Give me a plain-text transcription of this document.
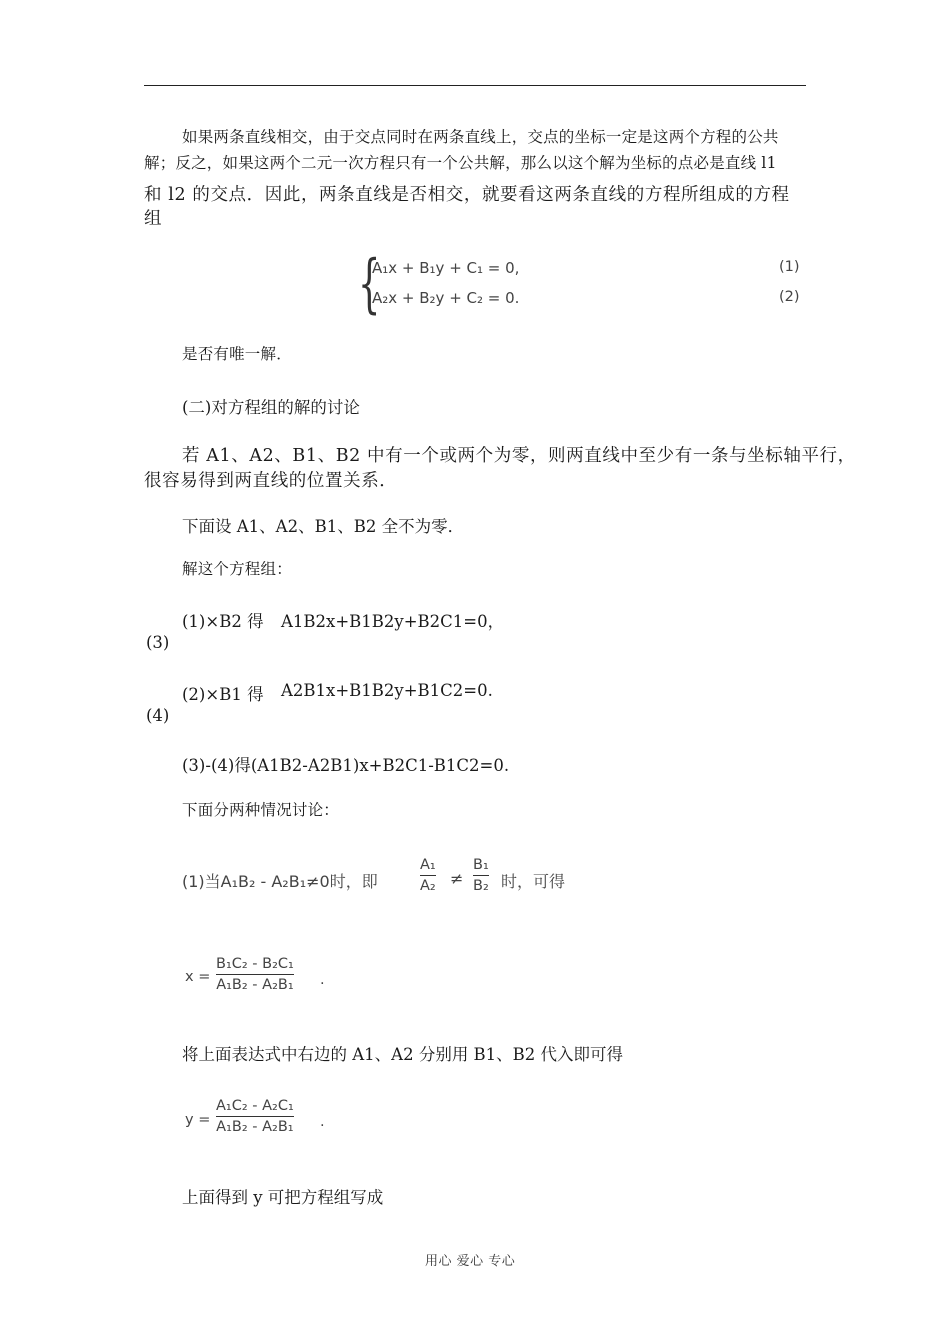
如果两条直线相交，由于交点同时在两条直线上，交点的坐标一定是这两个方程的公共
解；反之，如果这两个二元一次方程只有一个公共解，那么以这个解为坐标的点必是直线 l1
和 l2 的交点．因此，两条直线是否相交，就要看这两条直线的方程所组成的方程
组
{
A₁x + B₁y + C₁ = 0,	(1)
A₂x + B₂y + C₂ = 0.	(2)
是否有唯一解．
(二)对方程组的解的讨论
若 A1、A2、B1、B2 中有一个或两个为零，则两直线中至少有一条与坐标轴平行，
很容易得到两直线的位置关系．
下面设 A1、A2、B1、B2 全不为零．
解这个方程组：
(1)×B2 得 A1B2x+B1B2y+B2C1=0，
(3)
(2)×B1 得 A2B1x+B1B2y+B1C2=0.
(4)
(3)-(4)得(A1B2-A2B1)x+B2C1-B1C2=0.
下面分两种情况讨论：
(1)当A₁B₂ - A₂B₁≠0时，即
A₁
A₂ ≠
B₁
B₂ 时，可得
x =
B₁C₂ - B₂C₁
A₁B₂ - A₂B₁ .
将上面表达式中右边的 A1、A2 分别用 B1、B2 代入即可得
y =
A₁C₂ - A₂C₁
A₁B₂ - A₂B₁ .
上面得到 y 可把方程组写成
用心 爱心 专心
